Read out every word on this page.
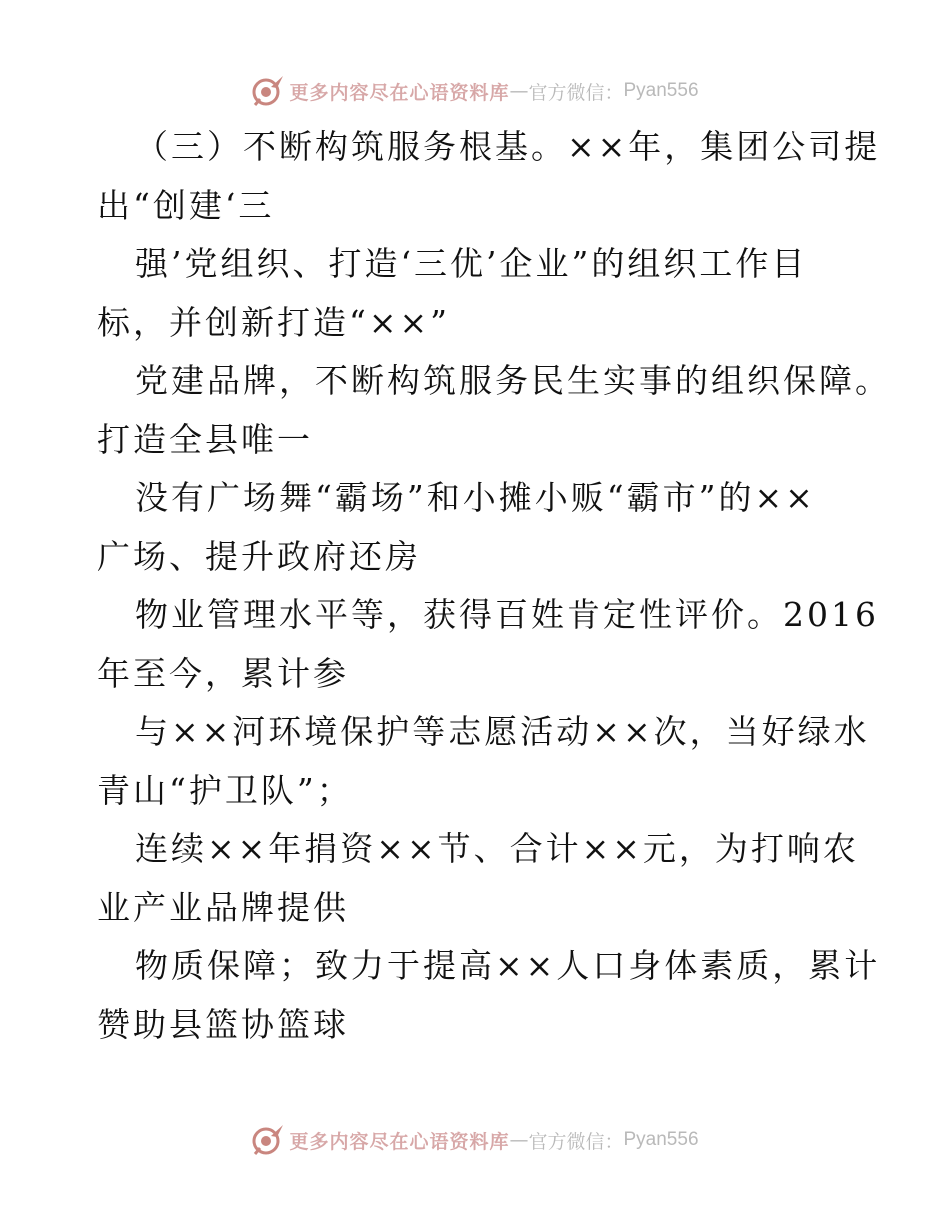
更多内容尽在心语资料库 — 官方微信： Pyan556
（三）不断构筑服务根基。××年，集团公司提
出“创建‘三
强’党组织、打造‘三优’企业”的组织工作目
标，并创新打造“××”
党建品牌，不断构筑服务民生实事的组织保障。
打造全县唯一
没有广场舞“霸场”和小摊小贩“霸市”的××
广场、提升政府还房
物业管理水平等，获得百姓肯定性评价。2016
年至今，累计参
与××河环境保护等志愿活动××次，当好绿水
青山“护卫队”；
连续××年捐资××节、合计××元，为打响农
业产业品牌提供
物质保障；致力于提高××人口身体素质，累计
赞助县篮协篮球
更多内容尽在心语资料库 — 官方微信： Pyan556
